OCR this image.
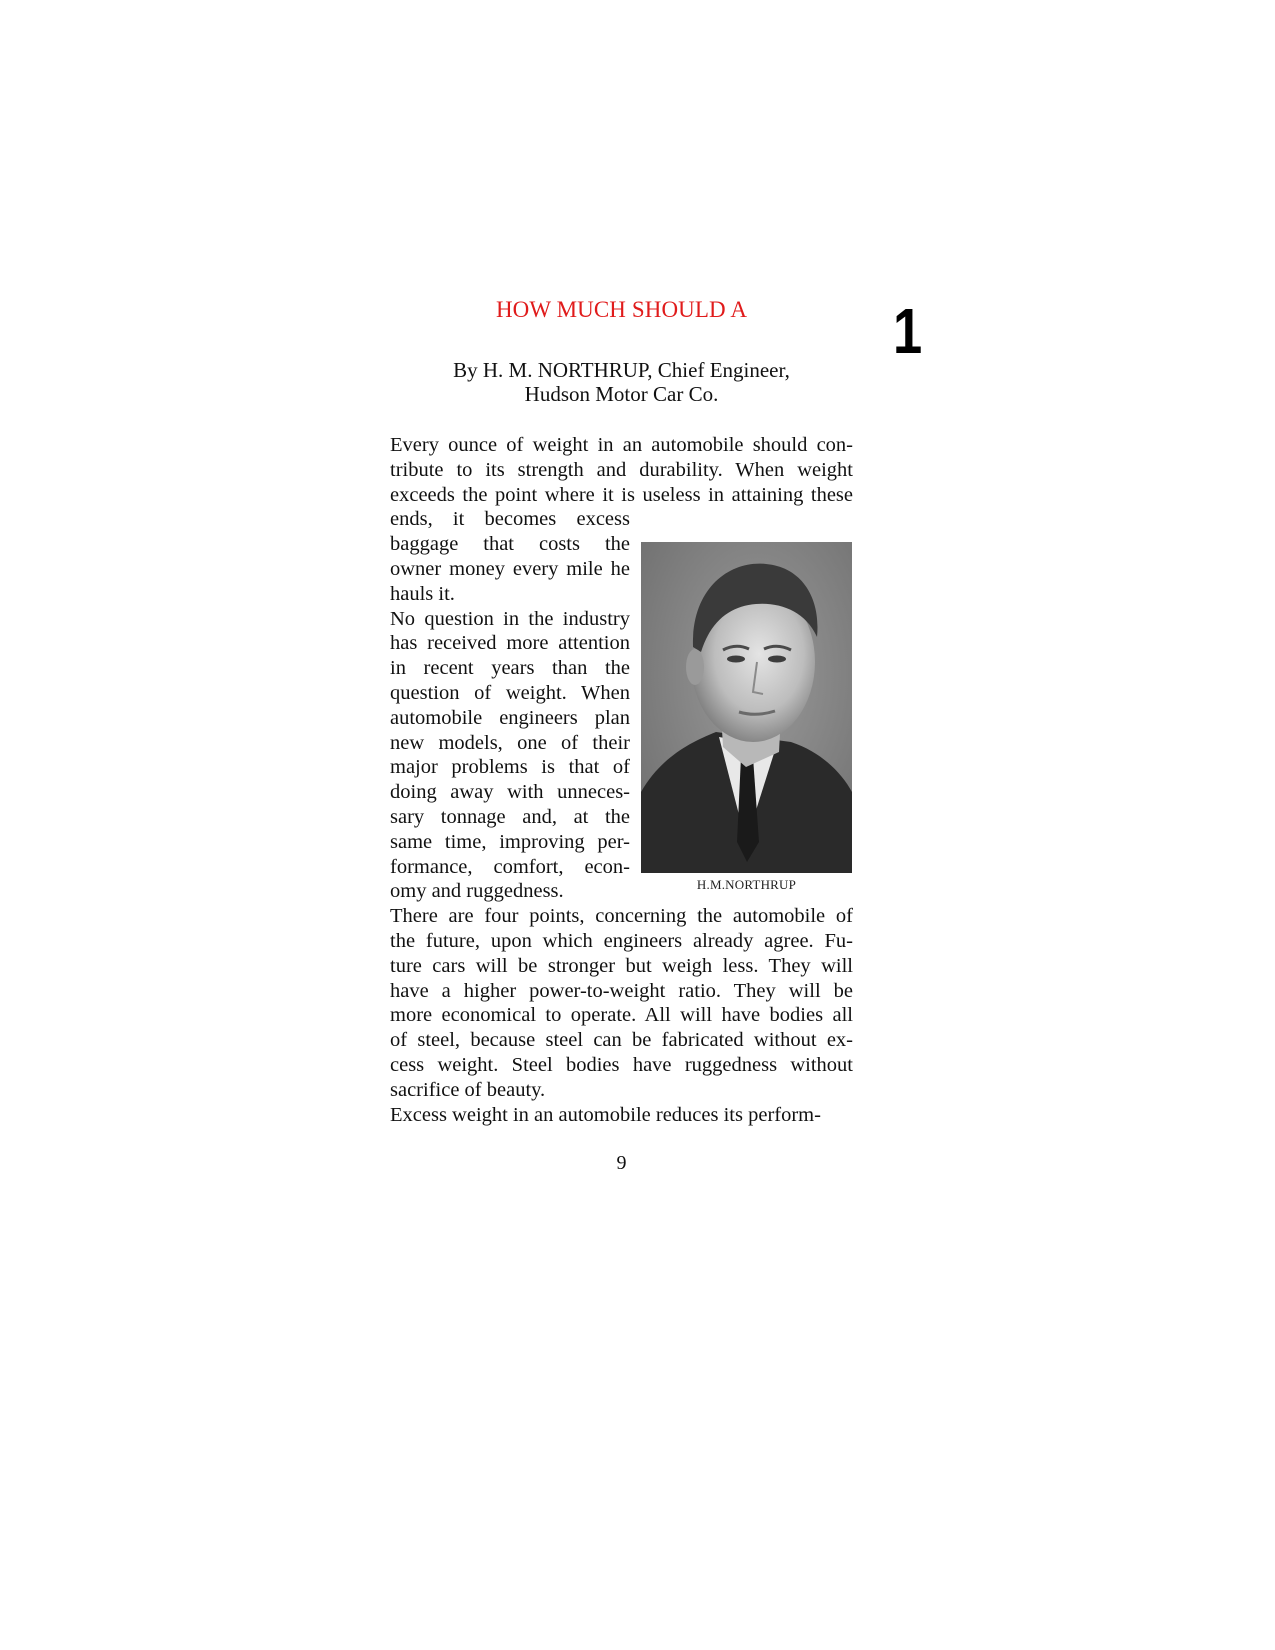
HOW MUCH SHOULD A	1
By H. M. NORTHRUP, Chief Engineer,
Hudson Motor Car Co.
Every ounce of weight in an automobile should con-
tribute to its strength and durability. When weight
exceeds the point where it is useless in attaining these
ends, it becomes excess
baggage that costs the
owner money every mile he
hauls it.
No question in the industry
has received more attention
in recent years than the
question of weight. When
automobile engineers plan
new models, one of their
major problems is that of
doing away with unneces-
sary tonnage and, at the
same time, improving per-
formance, comfort, econ-
omy and ruggedness.	H.M.NORTHRUP
There are four points, concerning the automobile of
the future, upon which engineers already agree. Fu-
ture cars will be stronger but weigh less. They will
have a higher power-to-weight ratio. They will be
more economical to operate. All will have bodies all
of steel, because steel can be fabricated without ex-
cess weight. Steel bodies have ruggedness without
sacrifice of beauty.
Excess weight in an automobile reduces its perform-
9
